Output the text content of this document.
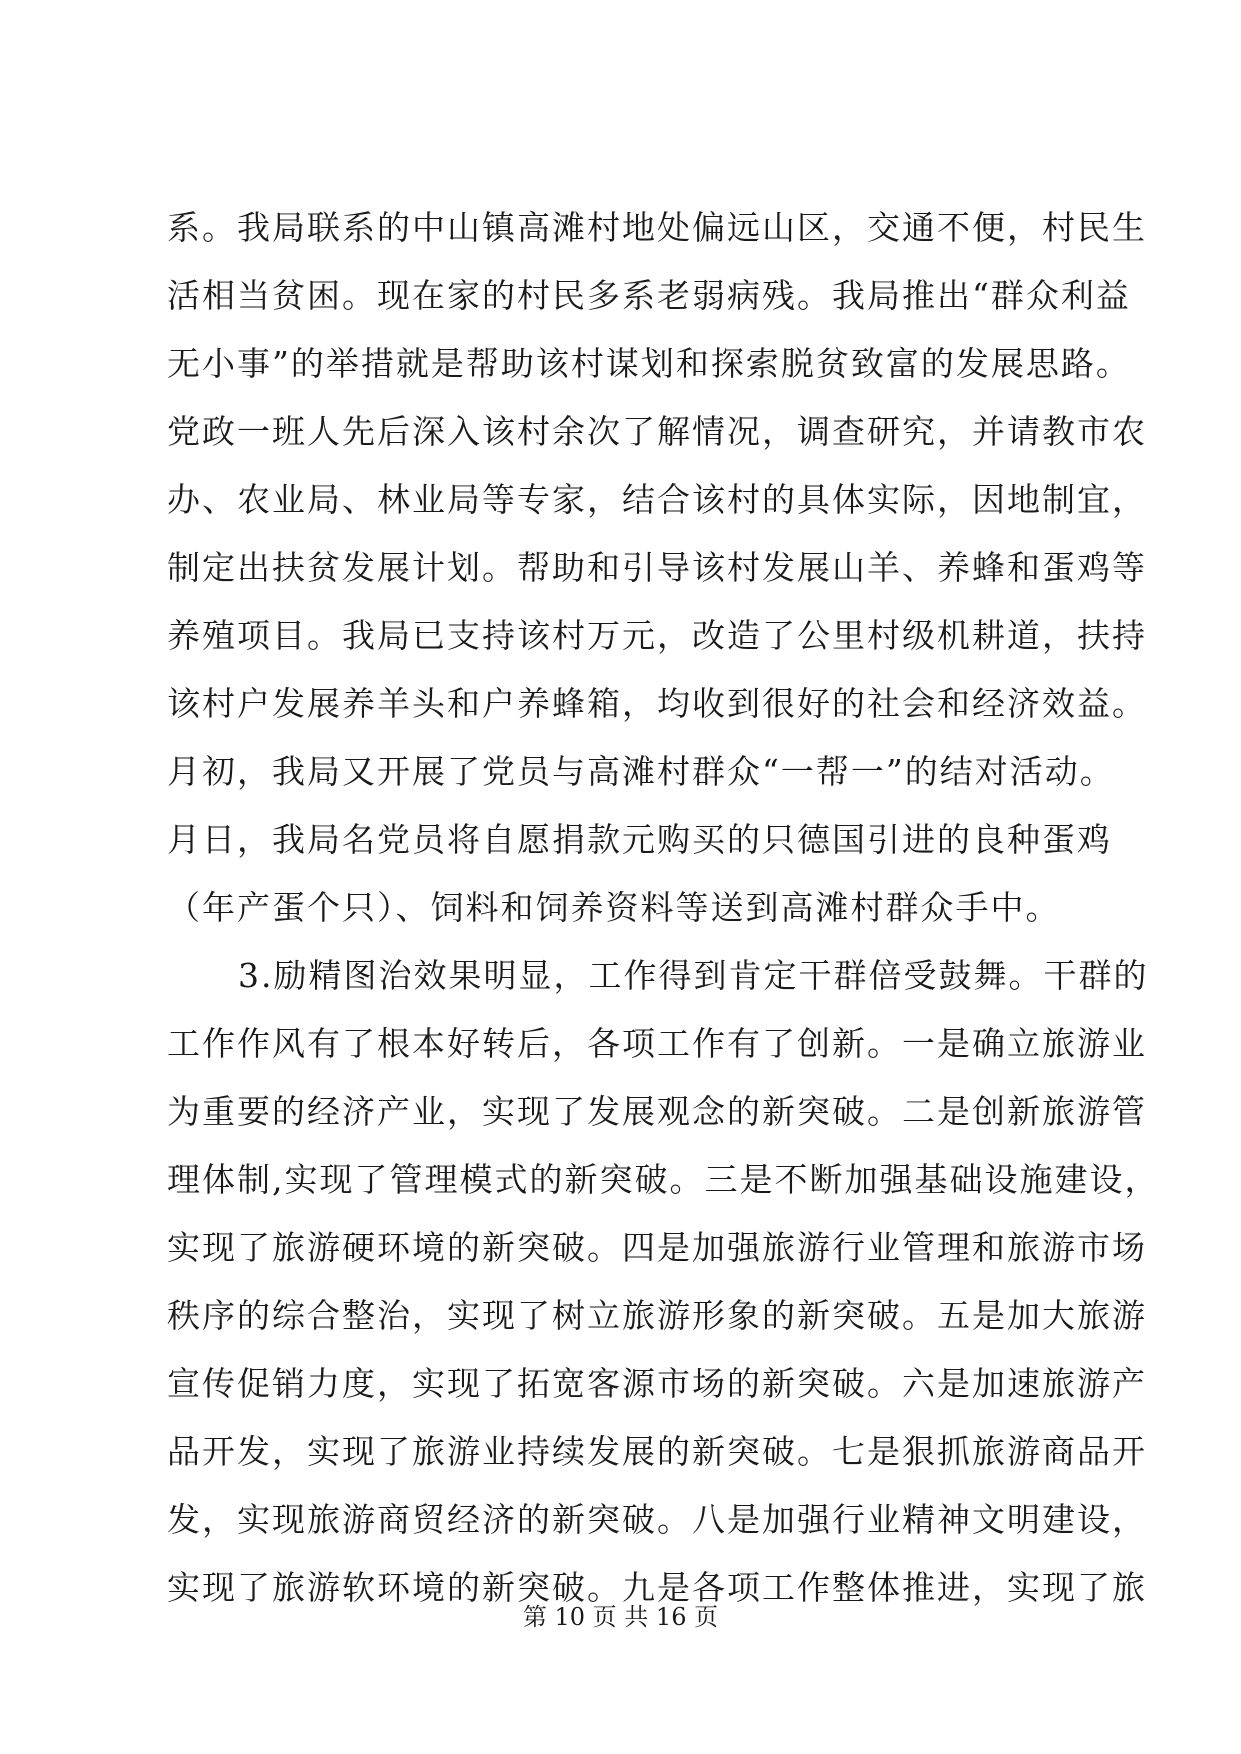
系。我局联系的中山镇高滩村地处偏远山区，交通不便，村民生
活相当贫困。现在家的村民多系老弱病残。我局推出“群众利益
无小事”的举措就是帮助该村谋划和探索脱贫致富的发展思路。
党政一班人先后深入该村余次了解情况，调查研究，并请教市农
办、农业局、林业局等专家，结合该村的具体实际，因地制宜，
制定出扶贫发展计划。帮助和引导该村发展山羊、养蜂和蛋鸡等
养殖项目。我局已支持该村万元，改造了公里村级机耕道，扶持
该村户发展养羊头和户养蜂箱，均收到很好的社会和经济效益。
月初，我局又开展了党员与高滩村群众“一帮一”的结对活动。
月日，我局名党员将自愿捐款元购买的只德国引进的良种蛋鸡
（年产蛋个只）、饲料和饲养资料等送到高滩村群众手中。
3.励精图治效果明显，工作得到肯定干群倍受鼓舞。干群的
工作作风有了根本好转后，各项工作有了创新。一是确立旅游业
为重要的经济产业，实现了发展观念的新突破。二是创新旅游管
理体制,实现了管理模式的新突破。三是不断加强基础设施建设，
实现了旅游硬环境的新突破。四是加强旅游行业管理和旅游市场
秩序的综合整治，实现了树立旅游形象的新突破。五是加大旅游
宣传促销力度，实现了拓宽客源市场的新突破。六是加速旅游产
品开发，实现了旅游业持续发展的新突破。七是狠抓旅游商品开
发，实现旅游商贸经济的新突破。八是加强行业精神文明建设，
实现了旅游软环境的新突破。九是各项工作整体推进，实现了旅
第 10 页 共 16 页
